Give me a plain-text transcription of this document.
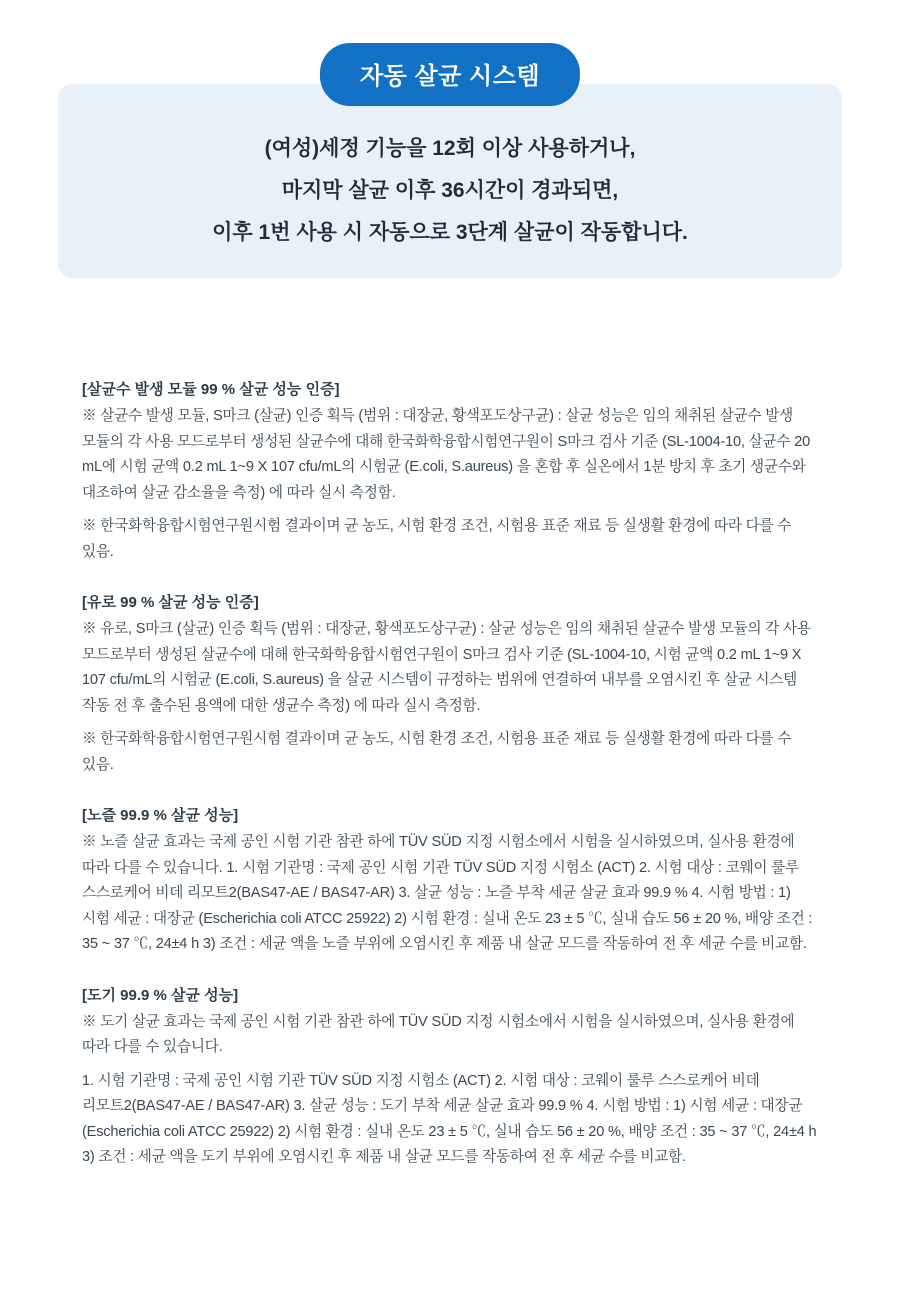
자동 살균 시스템
(여성)세정 기능을 12회 이상 사용하거나,
마지막 살균 이후 36시간이 경과되면,
이후 1번 사용 시 자동으로 3단계 살균이 작동합니다.
[살균수 발생 모듈 99 % 살균 성능 인증]

※ 살균수 발생 모듈, S마크 (살균) 인증 획득 (범위 : 대장균, 황색포도상구균) : 살균 성능은 임의 채취된 살균수 발생 모듈의 각 사용 모드로부터 생성된 살균수에 대해 한국화학융합시험연구원이 S마크 검사 기준 (SL-1004-10, 살균수 20 mL에 시험 균액 0.2 mL 1~9 X 107 cfu/mL의 시험균 (E.coli, S.aureus) 을 혼합 후 실온에서 1분 방치 후 초기 생균수와 대조하여 살균 감소율을 측정) 에 따라 실시 측정함.

※ 한국화학융합시험연구원시험 결과이며 균 농도, 시험 환경 조건, 시험용 표준 재료 등 실생활 환경에 따라 다를 수 있음.

[유로 99 % 살균 성능 인증]

※ 유로, S마크 (살균) 인증 획득 (범위 : 대장균, 황색포도상구균) : 살균 성능은 임의 채취된 살균수 발생 모듈의 각 사용 모드로부터 생성된 살균수에 대해 한국화학융합시험연구원이 S마크 검사 기준 (SL-1004-10, 시험 균액 0.2 mL 1~9 X 107 cfu/mL의 시험균 (E.coli, S.aureus) 을 살균 시스템이 규정하는 범위에 연결하여 내부를 오염시킨 후 살균 시스템 작동 전 후 출수된 용액에 대한 생균수 측정) 에 따라 실시 측정함.

※ 한국화학융합시험연구원시험 결과이며 균 농도, 시험 환경 조건, 시험용 표준 재료 등 실생활 환경에 따라 다를 수 있음.

[노즐 99.9 % 살균 성능]

※ 노즐 살균 효과는 국제 공인 시험 기관 참관 하에 TÜV SÜD 지정 시험소에서 시험을 실시하였으며, 실사용 환경에 따라 다를 수 있습니다. 1. 시험 기관명 : 국제 공인 시험 기관 TÜV SÜD 지정 시험소 (ACT) 2. 시험 대상 : 코웨이 룰루 스스로케어 비데 리모트2(BAS47-AE / BAS47-AR) 3. 살균 성능 : 노즐 부착 세균 살균 효과 99.9 % 4. 시험 방법 : 1) 시험 세균 : 대장균 (Escherichia coli ATCC 25922) 2) 시험 환경 : 실내 온도 23 ± 5 ℃, 실내 습도 56 ± 20 %, 배양 조건 : 35 ~ 37 ℃, 24±4 h 3) 조건 : 세균 액을 노즐 부위에 오염시킨 후 제품 내 살균 모드를 작동하여 전 후 세균 수를 비교함.

[도기 99.9 % 살균 성능]

※ 도기 살균 효과는 국제 공인 시험 기관 참관 하에 TÜV SÜD 지정 시험소에서 시험을 실시하였으며, 실사용 환경에 따라 다를 수 있습니다.

1. 시험 기관명 : 국제 공인 시험 기관 TÜV SÜD 지정 시험소 (ACT) 2. 시험 대상 : 코웨이 룰루 스스로케어 비데 리모트2(BAS47-AE / BAS47-AR) 3. 살균 성능 : 도기 부착 세균 살균 효과 99.9 % 4. 시험 방법 : 1) 시험 세균 : 대장균 (Escherichia coli ATCC 25922) 2) 시험 환경 : 실내 온도 23 ± 5 ℃, 실내 습도 56 ± 20 %, 배양 조건 : 35 ~ 37 ℃, 24±4 h 3) 조건 : 세균 액을 도기 부위에 오염시킨 후 제품 내 살균 모드를 작동하여 전 후 세균 수를 비교함.
